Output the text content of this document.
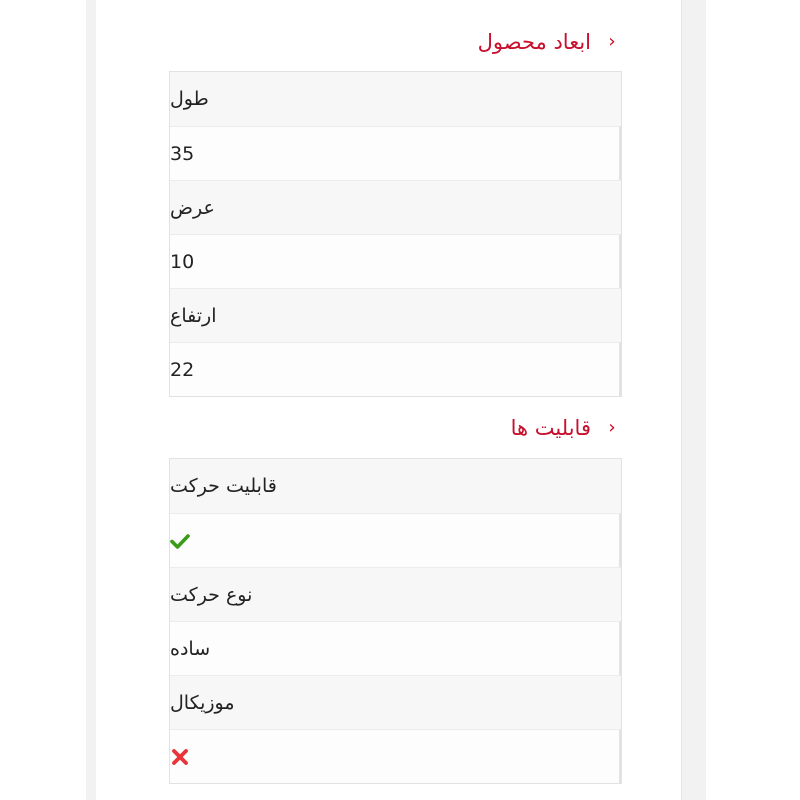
‹
ابعاد محصول
طول
35
عرض
10
ارتفاع
22
‹
قابلیت ها
قابلیت حرکت
نوع حرکت
ساده
موزیکال
